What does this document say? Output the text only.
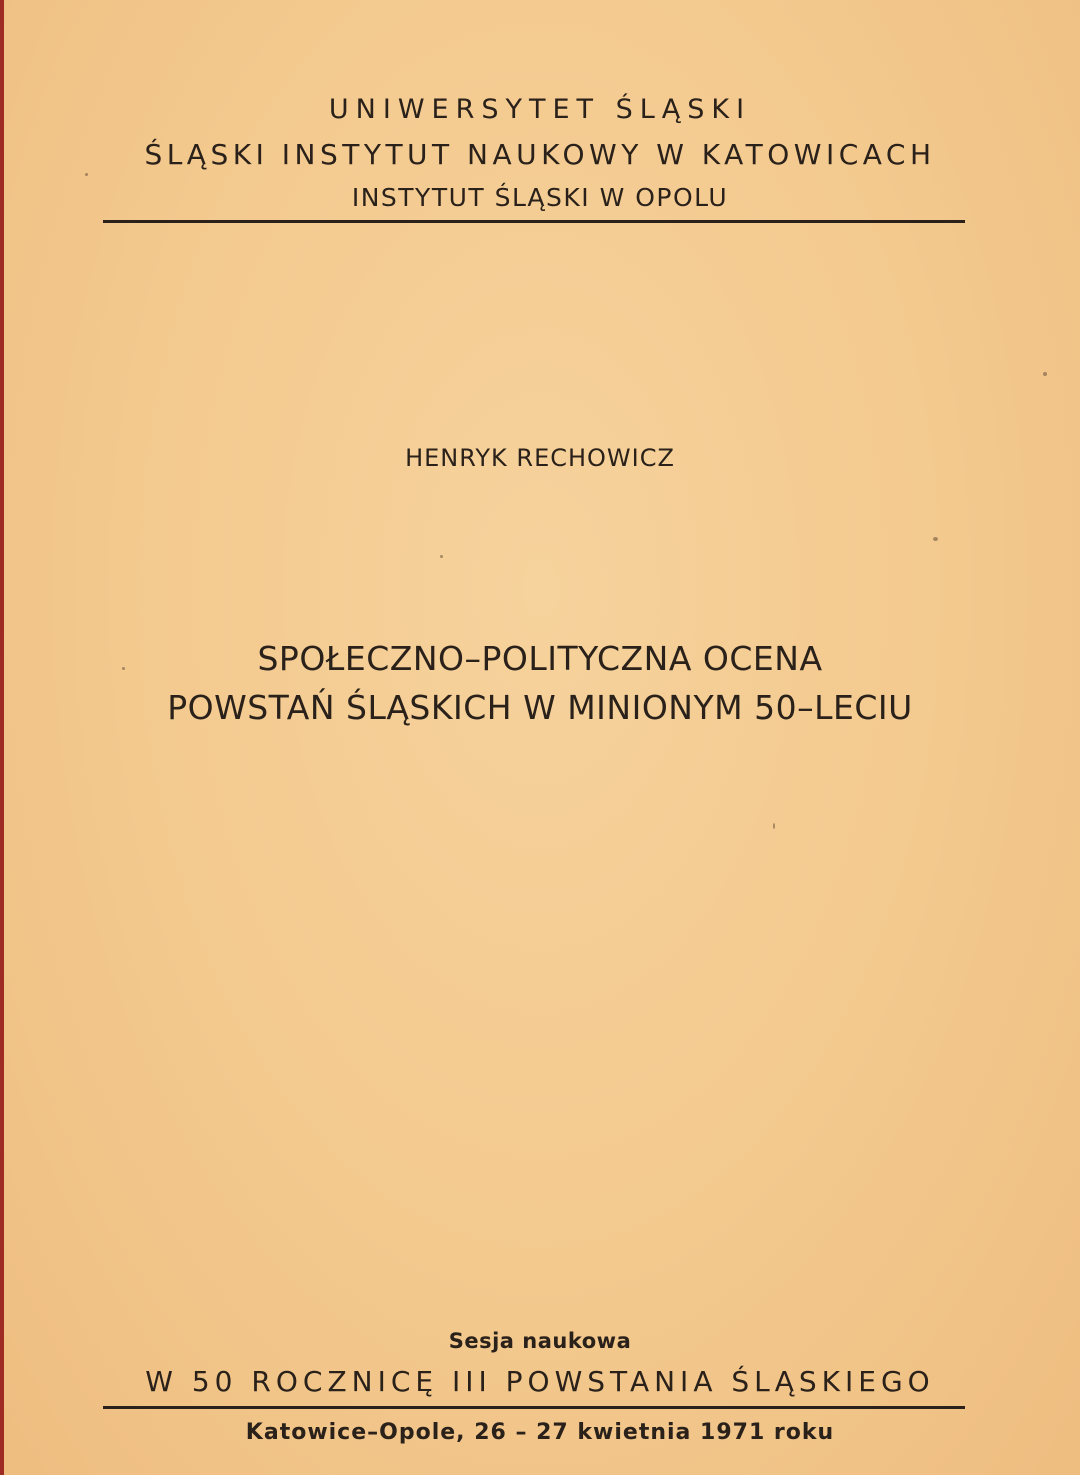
UNIWERSYTET ŚLĄSKI
ŚLĄSKI INSTYTUT NAUKOWY W KATOWICACH
INSTYTUT ŚLĄSKI W OPOLU
HENRYK RECHOWICZ
SPOŁECZNO–POLITYCZNA OCENA
POWSTAŃ ŚLĄSKICH W MINIONYM 50–LECIU
Sesja naukowa
W 50 ROCZNICĘ III POWSTANIA ŚLĄSKIEGO
Katowice–Opole, 26 – 27 kwietnia 1971 roku
